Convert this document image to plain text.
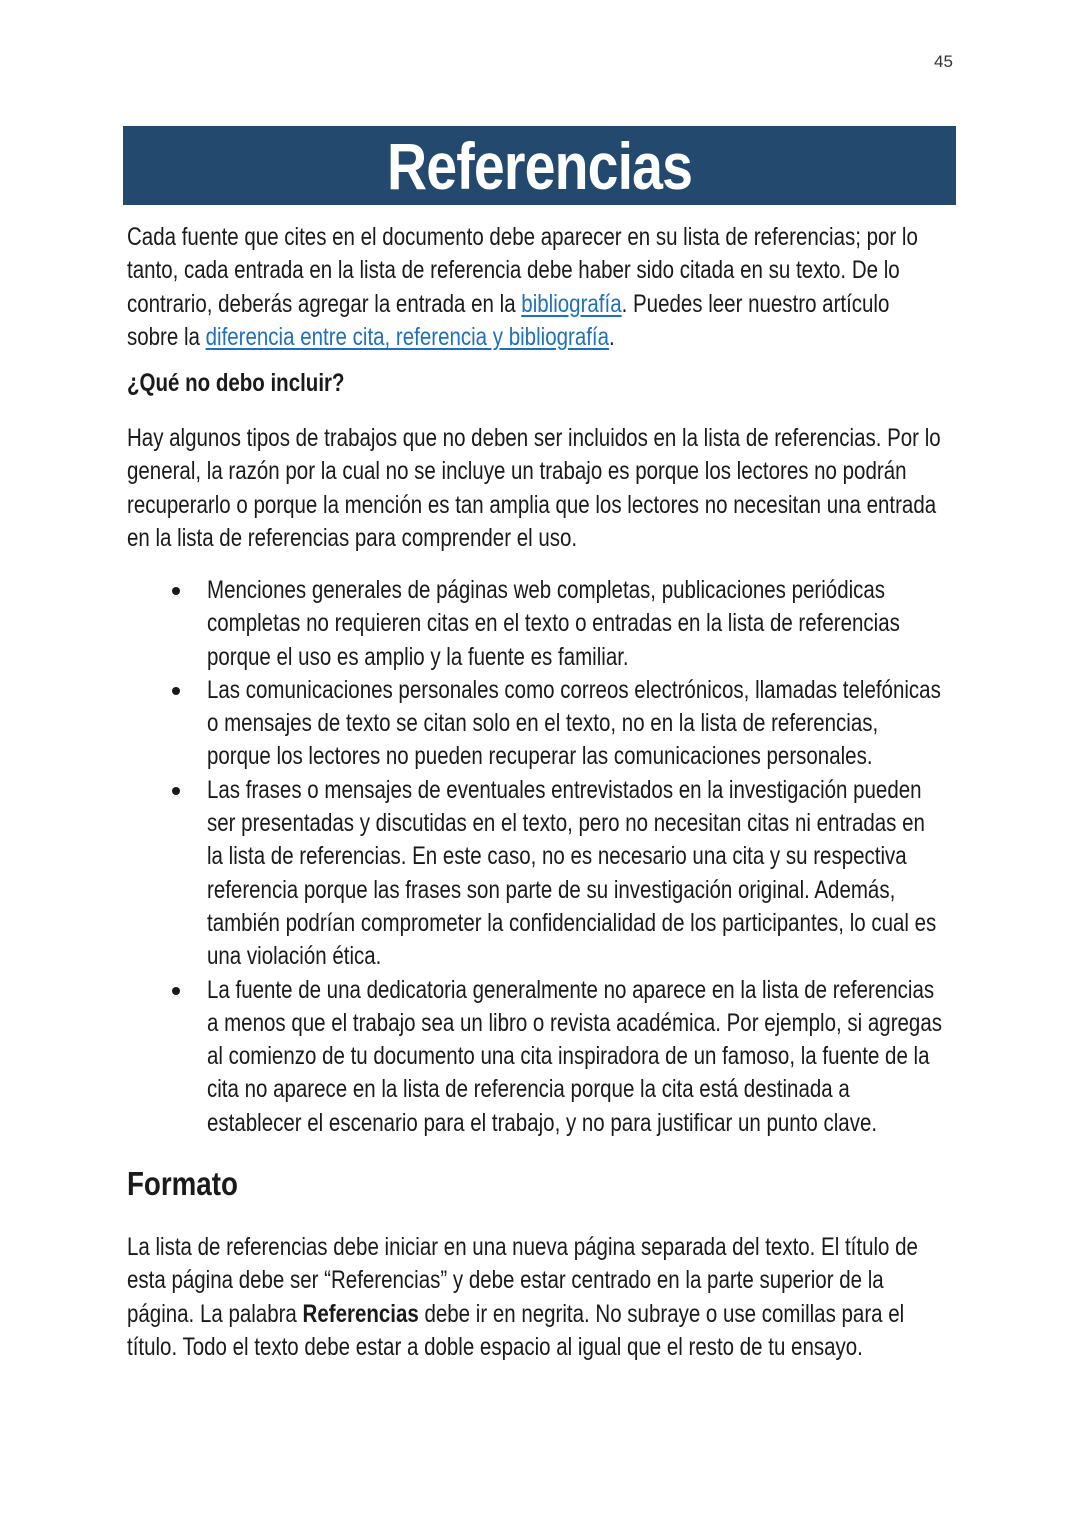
45
Referencias
Cada fuente que cites en el documento debe aparecer en su lista de referencias; por lo
tanto, cada entrada en la lista de referencia debe haber sido citada en su texto. De lo
contrario, deberás agregar la entrada en la bibliografía. Puedes leer nuestro artículo
sobre la diferencia entre cita, referencia y bibliografía.
¿Qué no debo incluir?
Hay algunos tipos de trabajos que no deben ser incluidos en la lista de referencias. Por lo
general, la razón por la cual no se incluye un trabajo es porque los lectores no podrán
recuperarlo o porque la mención es tan amplia que los lectores no necesitan una entrada
en la lista de referencias para comprender el uso.
Menciones generales de páginas web completas, publicaciones periódicas
completas no requieren citas en el texto o entradas en la lista de referencias
porque el uso es amplio y la fuente es familiar.
Las comunicaciones personales como correos electrónicos, llamadas telefónicas
o mensajes de texto se citan solo en el texto, no en la lista de referencias,
porque los lectores no pueden recuperar las comunicaciones personales.
Las frases o mensajes de eventuales entrevistados en la investigación pueden
ser presentadas y discutidas en el texto, pero no necesitan citas ni entradas en
la lista de referencias. En este caso, no es necesario una cita y su respectiva
referencia porque las frases son parte de su investigación original. Además,
también podrían comprometer la confidencialidad de los participantes, lo cual es
una violación ética.
La fuente de una dedicatoria generalmente no aparece en la lista de referencias
a menos que el trabajo sea un libro o revista académica. Por ejemplo, si agregas
al comienzo de tu documento una cita inspiradora de un famoso, la fuente de la
cita no aparece en la lista de referencia porque la cita está destinada a
establecer el escenario para el trabajo, y no para justificar un punto clave.
Formato
La lista de referencias debe iniciar en una nueva página separada del texto. El título de
esta página debe ser “Referencias” y debe estar centrado en la parte superior de la
página. La palabra Referencias debe ir en negrita. No subraye o use comillas para el
título. Todo el texto debe estar a doble espacio al igual que el resto de tu ensayo.
